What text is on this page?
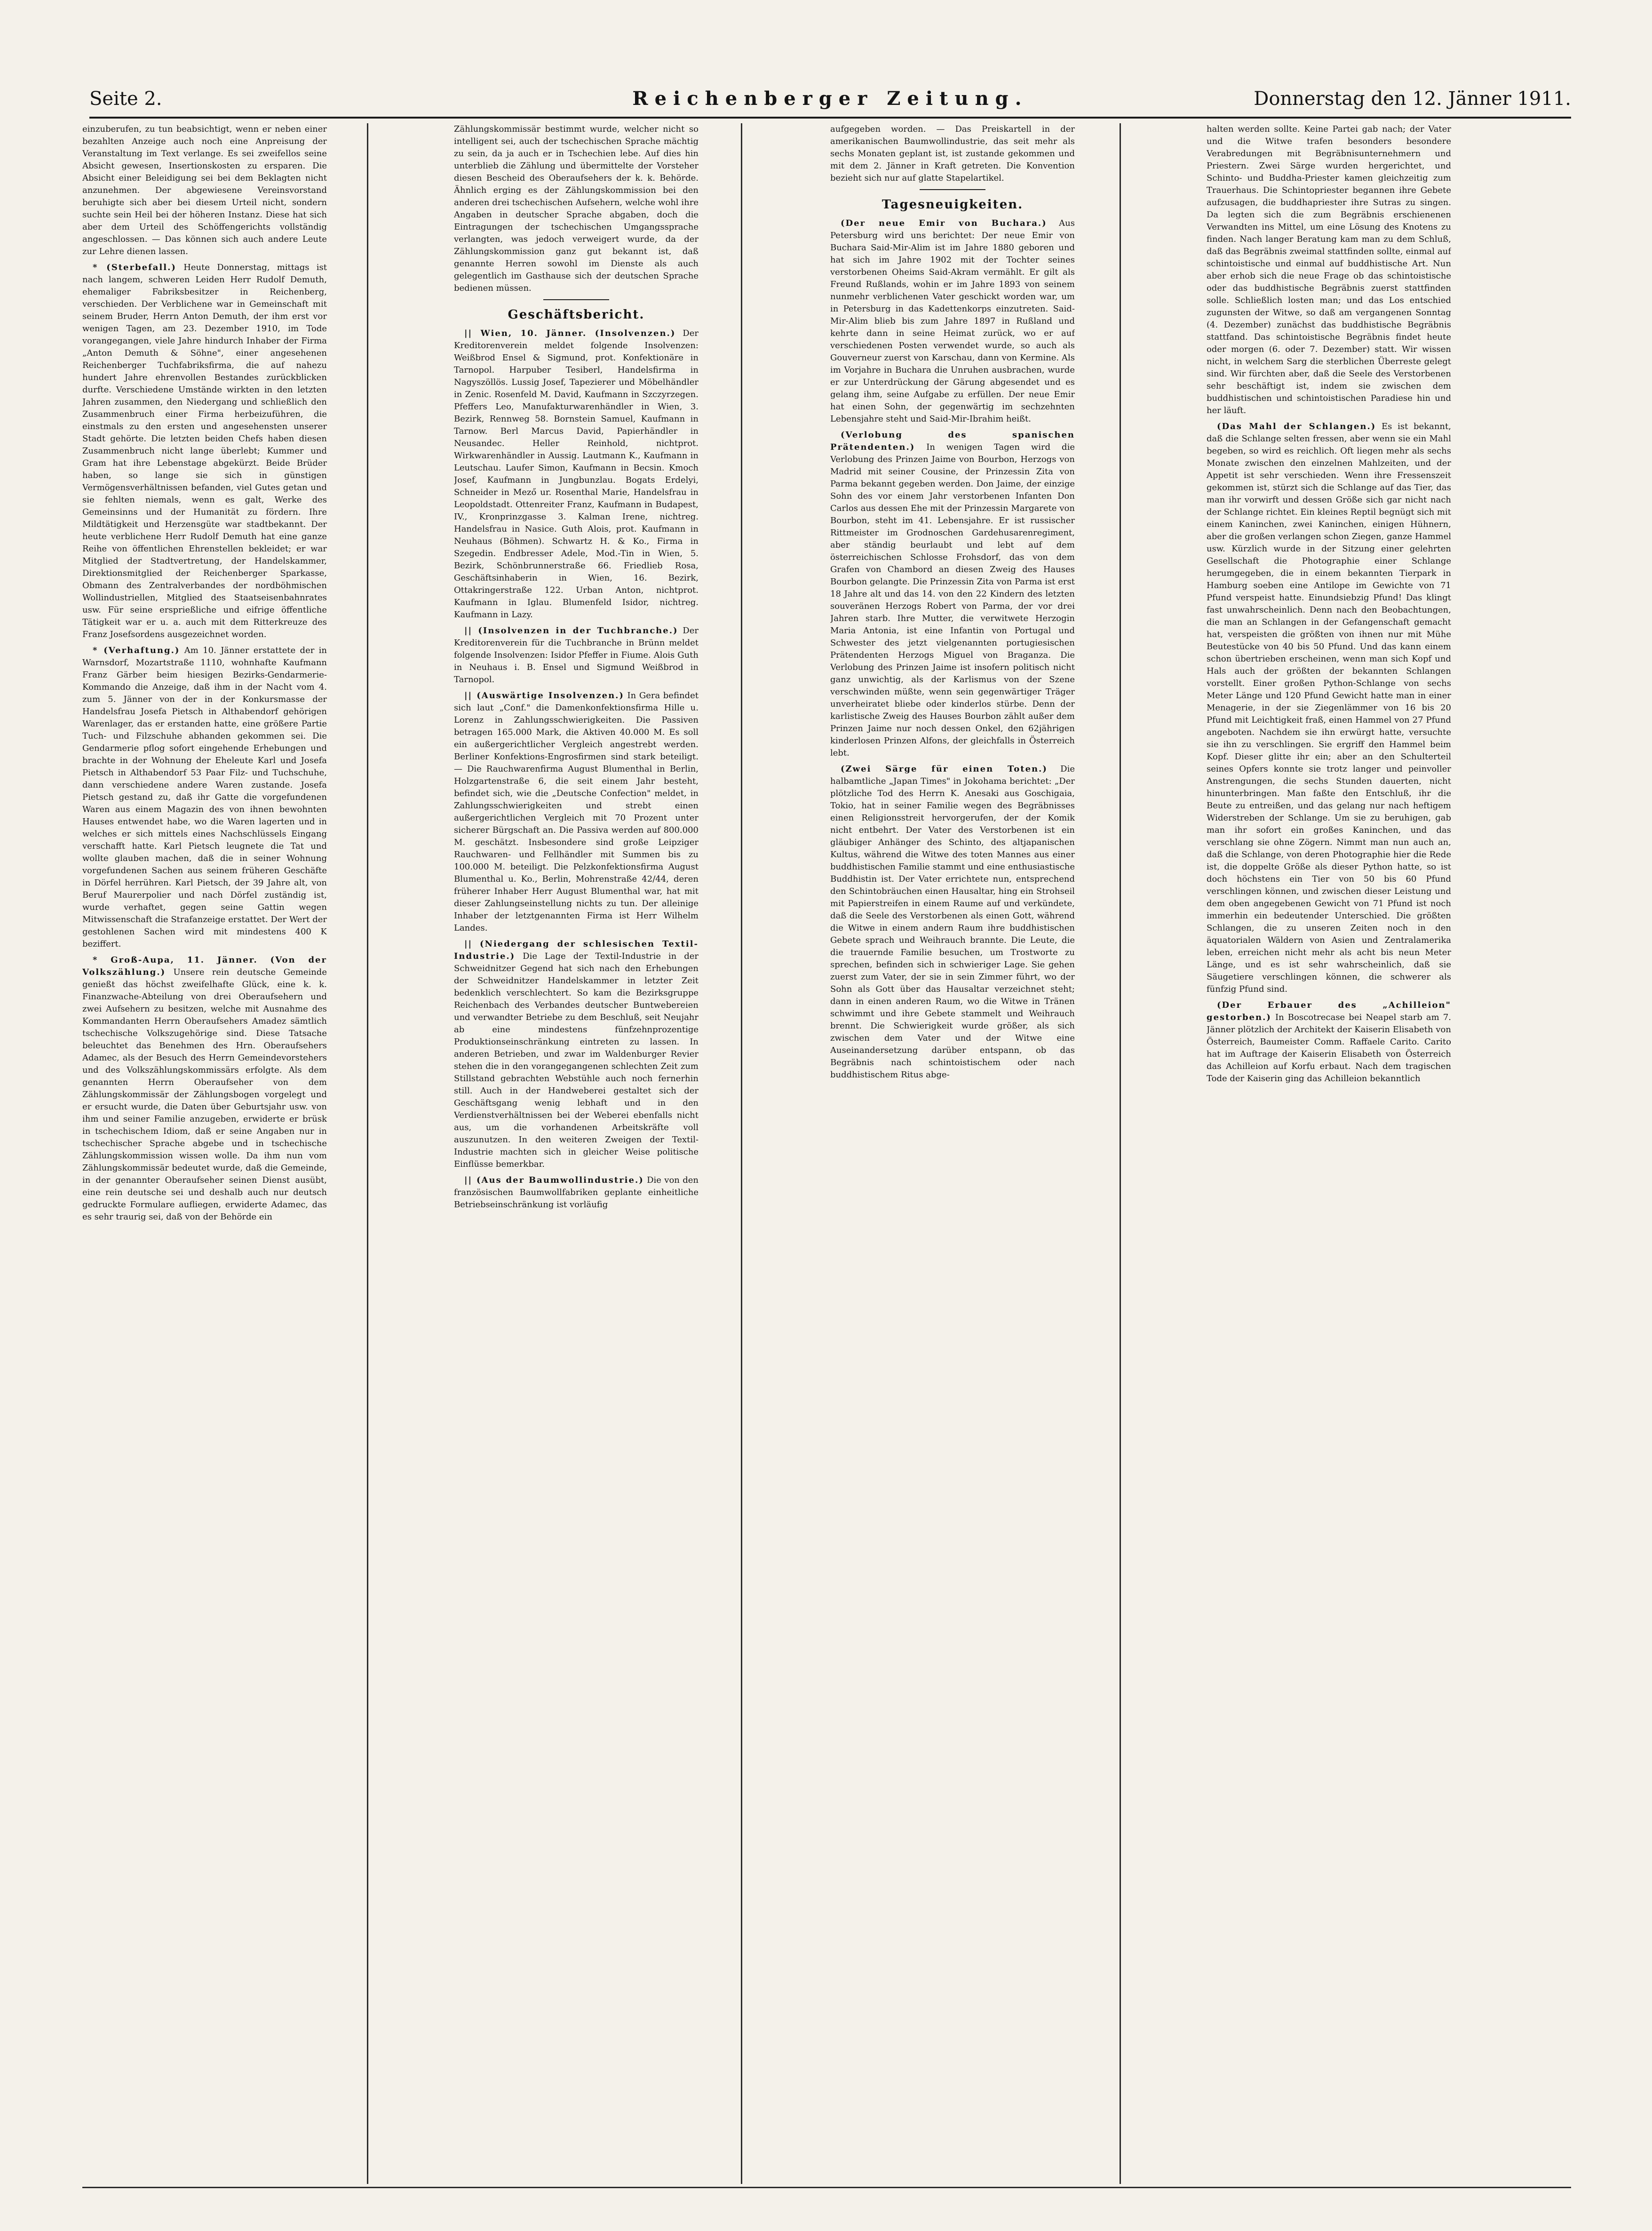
Seite 2.	Reichenberger Zeitung.	Donnerstag den 12. Jänner 1911.

einzuberufen, zu tun beabsichtigt, wenn er neben einer bezahlten Anzeige auch noch eine Anpreisung der Veranstaltung im Text verlange. Es sei zweifellos seine Absicht gewesen, Insertionskosten zu ersparen. Die Absicht einer Beleidigung sei bei dem Beklagten nicht anzunehmen. Der abgewiesene Vereinsvorstand beruhigte sich aber bei diesem Urteil nicht, sondern suchte sein Heil bei der höheren Instanz. Diese hat sich aber dem Urteil des Schöffengerichts vollständig angeschlossen. — Das können sich auch andere Leute zur Lehre dienen lassen.

* (Sterbefall.) Heute Donnerstag, mittags ist nach langem, schweren Leiden Herr Rudolf Demuth, ehemaliger Fabriksbesitzer in Reichenberg, verschieden. Der Verblichene war in Gemeinschaft mit seinem Bruder, Herrn Anton Demuth, der ihm erst vor wenigen Tagen, am 23. Dezember 1910, im Tode vorangegangen, viele Jahre hindurch Inhaber der Firma „Anton Demuth & Söhne", einer angesehenen Reichenberger Tuchfabriksfirma, die auf nahezu hundert Jahre ehrenvollen Bestandes zurückblicken durfte. Verschiedene Umstände wirkten in den letzten Jahren zusammen, den Niedergang und schließlich den Zusammenbruch einer Firma herbeizuführen, die einstmals zu den ersten und angesehensten unserer Stadt gehörte. Die letzten beiden Chefs haben diesen Zusammenbruch nicht lange überlebt; Kummer und Gram hat ihre Lebenstage abgekürzt. Beide Brüder haben, so lange sie sich in günstigen Vermögensverhältnissen befanden, viel Gutes getan und sie fehlten niemals, wenn es galt, Werke des Gemeinsinns und der Humanität zu fördern. Ihre Mildtätigkeit und Herzensgüte war stadtbekannt. Der heute verblichene Herr Rudolf Demuth hat eine ganze Reihe von öffentlichen Ehrenstellen bekleidet; er war Mitglied der Stadtvertretung, der Handelskammer, Direktionsmitglied der Reichenberger Sparkasse, Obmann des Zentralverbandes der nordböhmischen Wollindustriellen, Mitglied des Staatseisenbahnrates usw. Für seine ersprießliche und eifrige öffentliche Tätigkeit war er u. a. auch mit dem Ritterkreuze des Franz Josefsordens ausgezeichnet worden.

* (Verhaftung.) Am 10. Jänner erstattete der in Warnsdorf, Mozartstraße 1110, wohnhafte Kaufmann Franz Gärber beim hiesigen Bezirks-Gendarmerie-Kommando die Anzeige, daß ihm in der Nacht vom 4. zum 5. Jänner von der in der Konkursmasse der Handelsfrau Josefa Pietsch in Althabendorf gehörigen Warenlager, das er erstanden hatte, eine größere Partie Tuch- und Filzschuhe abhanden gekommen sei. Die Gendarmerie pflog sofort eingehende Erhebungen und brachte in der Wohnung der Eheleute Karl und Josefa Pietsch in Althabendorf 53 Paar Filz- und Tuchschuhe, dann verschiedene andere Waren zustande. Josefa Pietsch gestand zu, daß ihr Gatte die vorgefundenen Waren aus einem Magazin des von ihnen bewohnten Hauses entwendet habe, wo die Waren lagerten und in welches er sich mittels eines Nachschlüssels Eingang verschafft hatte. Karl Pietsch leugnete die Tat und wollte glauben machen, daß die in seiner Wohnung vorgefundenen Sachen aus seinem früheren Geschäfte in Dörfel herrühren. Karl Pietsch, der 39 Jahre alt, von Beruf Maurerpolier und nach Dörfel zuständig ist, wurde verhaftet, gegen seine Gattin wegen Mitwissenschaft die Strafanzeige erstattet. Der Wert der gestohlenen Sachen wird mit mindestens 400 K beziffert.

* Groß-Aupa, 11. Jänner. (Von der Volkszählung.) Unsere rein deutsche Gemeinde genießt das höchst zweifelhafte Glück, eine k. k. Finanzwache-Abteilung von drei Oberaufsehern und zwei Aufsehern zu besitzen, welche mit Ausnahme des Kommandanten Herrn Oberaufsehers Amadez sämtlich tschechische Volkszugehörige sind. Diese Tatsache beleuchtet das Benehmen des Hrn. Oberaufsehers Adamec, als der Besuch des Herrn Gemeindevorstehers und des Volkszählungskommissärs erfolgte. Als dem genannten Herrn Oberaufseher von dem Zählungskommissär der Zählungsbogen vorgelegt und er ersucht wurde, die Daten über Geburtsjahr usw. von ihm und seiner Familie anzugeben, erwiderte er brüsk in tschechischem Idiom, daß er seine Angaben nur in tschechischer Sprache abgebe und in tschechische Zählungskommission wissen wolle. Da ihm nun vom Zählungskommissär bedeutet wurde, daß die Gemeinde, in der genannter Oberaufseher seinen Dienst ausübt, eine rein deutsche sei und deshalb auch nur deutsch gedruckte Formulare aufliegen, erwiderte Adamec, das es sehr traurig sei, daß von der Behörde ein

Zählungskommissär bestimmt wurde, welcher nicht so intelligent sei, auch der tschechischen Sprache mächtig zu sein, da ja auch er in Tschechien lebe. Auf dies hin unterblieb die Zählung und übermittelte der Vorsteher diesen Bescheid des Oberaufsehers der k. k. Behörde. Ähnlich erging es der Zählungskommission bei den anderen drei tschechischen Aufsehern, welche wohl ihre Angaben in deutscher Sprache abgaben, doch die Eintragungen der tschechischen Umgangssprache verlangten, was jedoch verweigert wurde, da der Zählungskommission ganz gut bekannt ist, daß genannte Herren sowohl im Dienste als auch gelegentlich im Gasthause sich der deutschen Sprache bedienen müssen.

Geschäftsbericht.

|| Wien, 10. Jänner. (Insolvenzen.) Der Kreditorenverein meldet folgende Insolvenzen: Weißbrod Ensel & Sigmund, prot. Konfektionäre in Tarnopol. Harpuber Tesiberl, Handelsfirma in Nagyszöllös. Lussig Josef, Tapezierer und Möbelhändler in Zenic. Rosenfeld M. David, Kaufmann in Szczyrzegen. Pfeffers Leo, Manufakturwarenhändler in Wien, 3. Bezirk, Rennweg 58. Bornstein Samuel, Kaufmann in Tarnow. Berl Marcus David, Papierhändler in Neusandec. Heller Reinhold, nichtprot. Wirkwarenhändler in Aussig. Lautmann K., Kaufmann in Leutschau. Laufer Simon, Kaufmann in Becsin. Kmoch Josef, Kaufmann in Jungbunzlau. Bogats Erdelyi, Schneider in Mező ur. Rosenthal Marie, Handelsfrau in Leopoldstadt. Ottenreiter Franz, Kaufmann in Budapest, IV., Kronprinzgasse 3. Kalman Irene, nichtreg. Handelsfrau in Nasice. Guth Alois, prot. Kaufmann in Neuhaus (Böhmen). Schwartz H. & Ko., Firma in Szegedin. Endbresser Adele, Mod.-Tin in Wien, 5. Bezirk, Schönbrunnerstraße 66. Friedlieb Rosa, Geschäftsinhaberin in Wien, 16. Bezirk, Ottakringerstraße 122. Urban Anton, nichtprot. Kaufmann in Iglau. Blumenfeld Isidor, nichtreg. Kaufmann in Lazy.

|| (Insolvenzen in der Tuchbranche.) Der Kreditorenverein für die Tuchbranche in Brünn meldet folgende Insolvenzen: Isidor Pfeffer in Fiume. Alois Guth in Neuhaus i. B. Ensel und Sigmund Weißbrod in Tarnopol.

|| (Auswärtige Insolvenzen.) In Gera befindet sich laut „Conf." die Damenkonfektionsfirma Hille u. Lorenz in Zahlungsschwierigkeiten. Die Passiven betragen 165.000 Mark, die Aktiven 40.000 M. Es soll ein außergerichtlicher Vergleich angestrebt werden. Berliner Konfektions-Engrosfirmen sind stark beteiligt. — Die Rauchwarenfirma August Blumenthal in Berlin, Holzgartenstraße 6, die seit einem Jahr besteht, befindet sich, wie die „Deutsche Confection" meldet, in Zahlungsschwierigkeiten und strebt einen außergerichtlichen Vergleich mit 70 Prozent unter sicherer Bürgschaft an. Die Passiva werden auf 800.000 M. geschätzt. Insbesondere sind große Leipziger Rauchwaren- und Fellhändler mit Summen bis zu 100.000 M. beteiligt. Die Pelzkonfektionsfirma August Blumenthal u. Ko., Berlin, Mohrenstraße 42/44, deren früherer Inhaber Herr August Blumenthal war, hat mit dieser Zahlungseinstellung nichts zu tun. Der alleinige Inhaber der letztgenannten Firma ist Herr Wilhelm Landes.

|| (Niedergang der schlesischen Textil-Industrie.) Die Lage der Textil-Industrie in der Schweidnitzer Gegend hat sich nach den Erhebungen der Schweidnitzer Handelskammer in letzter Zeit bedenklich verschlechtert. So kam die Bezirksgruppe Reichenbach des Verbandes deutscher Buntwebereien und verwandter Betriebe zu dem Beschluß, seit Neujahr ab eine mindestens fünfzehnprozentige Produktionseinschränkung eintreten zu lassen. In anderen Betrieben, und zwar im Waldenburger Revier stehen die in den vorangegangenen schlechten Zeit zum Stillstand gebrachten Webstühle auch noch fernerhin still. Auch in der Handweberei gestaltet sich der Geschäftsgang wenig lebhaft und in den Verdienstverhältnissen bei der Weberei ebenfalls nicht aus, um die vorhandenen Arbeitskräfte voll auszunutzen. In den weiteren Zweigen der Textil-Industrie machten sich in gleicher Weise politische Einflüsse bemerkbar.

|| (Aus der Baumwollindustrie.) Die von den französischen Baumwollfabriken geplante einheitliche Betriebseinschränkung ist vorläufig

aufgegeben worden. — Das Preiskartell in der amerikanischen Baumwollindustrie, das seit mehr als sechs Monaten geplant ist, ist zustande gekommen und mit dem 2. Jänner in Kraft getreten. Die Konvention bezieht sich nur auf glatte Stapelartikel.

Tagesneuigkeiten.

(Der neue Emir von Buchara.) Aus Petersburg wird uns berichtet: Der neue Emir von Buchara Said-Mir-Alim ist im Jahre 1880 geboren und hat sich im Jahre 1902 mit der Tochter seines verstorbenen Oheims Said-Akram vermählt. Er gilt als Freund Rußlands, wohin er im Jahre 1893 von seinem nunmehr verblichenen Vater geschickt worden war, um in Petersburg in das Kadettenkorps einzutreten. Said-Mir-Alim blieb bis zum Jahre 1897 in Rußland und kehrte dann in seine Heimat zurück, wo er auf verschiedenen Posten verwendet wurde, so auch als Gouverneur zuerst von Karschau, dann von Kermine. Als im Vorjahre in Buchara die Unruhen ausbrachen, wurde er zur Unterdrückung der Gärung abgesendet und es gelang ihm, seine Aufgabe zu erfüllen. Der neue Emir hat einen Sohn, der gegenwärtig im sechzehnten Lebensjahre steht und Said-Mir-Ibrahim heißt.

(Verlobung des spanischen Prätendenten.) In wenigen Tagen wird die Verlobung des Prinzen Jaime von Bourbon, Herzogs von Madrid mit seiner Cousine, der Prinzessin Zita von Parma bekannt gegeben werden. Don Jaime, der einzige Sohn des vor einem Jahr verstorbenen Infanten Don Carlos aus dessen Ehe mit der Prinzessin Margarete von Bourbon, steht im 41. Lebensjahre. Er ist russischer Rittmeister im Grodnoschen Gardehusarenregiment, aber ständig beurlaubt und lebt auf dem österreichischen Schlosse Frohsdorf, das von dem Grafen von Chambord an diesen Zweig des Hauses Bourbon gelangte. Die Prinzessin Zita von Parma ist erst 18 Jahre alt und das 14. von den 22 Kindern des letzten souveränen Herzogs Robert von Parma, der vor drei Jahren starb. Ihre Mutter, die verwitwete Herzogin Maria Antonia, ist eine Infantin von Portugal und Schwester des jetzt vielgenannten portugiesischen Prätendenten Herzogs Miguel von Braganza. Die Verlobung des Prinzen Jaime ist insofern politisch nicht ganz unwichtig, als der Karlismus von der Szene verschwinden müßte, wenn sein gegenwärtiger Träger unverheiratet bliebe oder kinderlos stürbe. Denn der karlistische Zweig des Hauses Bourbon zählt außer dem Prinzen Jaime nur noch dessen Onkel, den 62jährigen kinderlosen Prinzen Alfons, der gleichfalls in Österreich lebt.

(Zwei Särge für einen Toten.) Die halbamtliche „Japan Times" in Jokohama berichtet: „Der plötzliche Tod des Herrn K. Anesaki aus Goschigaia, Tokio, hat in seiner Familie wegen des Begräbnisses einen Religionsstreit hervorgerufen, der der Komik nicht entbehrt. Der Vater des Verstorbenen ist ein gläubiger Anhänger des Schinto, des altjapanischen Kultus, während die Witwe des toten Mannes aus einer buddhistischen Familie stammt und eine enthusiastische Buddhistin ist. Der Vater errichtete nun, entsprechend den Schintobräuchen einen Hausaltar, hing ein Strohseil mit Papierstreifen in einem Raume auf und verkündete, daß die Seele des Verstorbenen als einen Gott, während die Witwe in einem andern Raum ihre buddhistischen Gebete sprach und Weihrauch brannte. Die Leute, die die trauernde Familie besuchen, um Trostworte zu sprechen, befinden sich in schwieriger Lage. Sie gehen zuerst zum Vater, der sie in sein Zimmer führt, wo der Sohn als Gott über das Hausaltar verzeichnet steht; dann in einen anderen Raum, wo die Witwe in Tränen schwimmt und ihre Gebete stammelt und Weihrauch brennt. Die Schwierigkeit wurde größer, als sich zwischen dem Vater und der Witwe eine Auseinandersetzung darüber entspann, ob das Begräbnis nach schintoistischem oder nach buddhistischem Ritus abge-

halten werden sollte. Keine Partei gab nach; der Vater und die Witwe trafen besonders besondere Verabredungen mit Begräbnisunternehmern und Priestern. Zwei Särge wurden hergerichtet, und Schinto- und Buddha-Priester kamen gleichzeitig zum Trauerhaus. Die Schintopriester begannen ihre Gebete aufzusagen, die buddhapriester ihre Sutras zu singen. Da legten sich die zum Begräbnis erschienenen Verwandten ins Mittel, um eine Lösung des Knotens zu finden. Nach langer Beratung kam man zu dem Schluß, daß das Begräbnis zweimal stattfinden sollte, einmal auf schintoistische und einmal auf buddhistische Art. Nun aber erhob sich die neue Frage ob das schintoistische oder das buddhistische Begräbnis zuerst stattfinden solle. Schließlich losten man; und das Los entschied zugunsten der Witwe, so daß am vergangenen Sonntag (4. Dezember) zunächst das buddhistische Begräbnis stattfand. Das schintoistische Begräbnis findet heute oder morgen (6. oder 7. Dezember) statt. Wir wissen nicht, in welchem Sarg die sterblichen Überreste gelegt sind. Wir fürchten aber, daß die Seele des Verstorbenen sehr beschäftigt ist, indem sie zwischen dem buddhistischen und schintoistischen Paradiese hin und her läuft.

(Das Mahl der Schlangen.) Es ist bekannt, daß die Schlange selten fressen, aber wenn sie ein Mahl begeben, so wird es reichlich. Oft liegen mehr als sechs Monate zwischen den einzelnen Mahlzeiten, und der Appetit ist sehr verschieden. Wenn ihre Fressenszeit gekommen ist, stürzt sich die Schlange auf das Tier, das man ihr vorwirft und dessen Größe sich gar nicht nach der Schlange richtet. Ein kleines Reptil begnügt sich mit einem Kaninchen, zwei Kaninchen, einigen Hühnern, aber die großen verlangen schon Ziegen, ganze Hammel usw. Kürzlich wurde in der Sitzung einer gelehrten Gesellschaft die Photographie einer Schlange herumgegeben, die in einem bekannten Tierpark in Hamburg soeben eine Antilope im Gewichte von 71 Pfund verspeist hatte. Einundsiebzig Pfund! Das klingt fast unwahrscheinlich. Denn nach den Beobachtungen, die man an Schlangen in der Gefangenschaft gemacht hat, verspeisten die größten von ihnen nur mit Mühe Beutestücke von 40 bis 50 Pfund. Und das kann einem schon übertrieben erscheinen, wenn man sich Kopf und Hals auch der größten der bekannten Schlangen vorstellt. Einer großen Python-Schlange von sechs Meter Länge und 120 Pfund Gewicht hatte man in einer Menagerie, in der sie Ziegenlämmer von 16 bis 20 Pfund mit Leichtigkeit fraß, einen Hammel von 27 Pfund angeboten. Nachdem sie ihn erwürgt hatte, versuchte sie ihn zu verschlingen. Sie ergriff den Hammel beim Kopf. Dieser glitte ihr ein; aber an den Schulterteil seines Opfers konnte sie trotz langer und peinvoller Anstrengungen, die sechs Stunden dauerten, nicht hinunterbringen. Man faßte den Entschluß, ihr die Beute zu entreißen, und das gelang nur nach heftigem Widerstreben der Schlange. Um sie zu beruhigen, gab man ihr sofort ein großes Kaninchen, und das verschlang sie ohne Zögern. Nimmt man nun auch an, daß die Schlange, von deren Photographie hier die Rede ist, die doppelte Größe als dieser Python hatte, so ist doch höchstens ein Tier von 50 bis 60 Pfund verschlingen können, und zwischen dieser Leistung und dem oben angegebenen Gewicht von 71 Pfund ist noch immerhin ein bedeutender Unterschied. Die größten Schlangen, die zu unseren Zeiten noch in den äquatorialen Wäldern von Asien und Zentralamerika leben, erreichen nicht mehr als acht bis neun Meter Länge, und es ist sehr wahrscheinlich, daß sie Säugetiere verschlingen können, die schwerer als fünfzig Pfund sind.

(Der Erbauer des „Achilleion" gestorben.) In Boscotrecase bei Neapel starb am 7. Jänner plötzlich der Architekt der Kaiserin Elisabeth von Österreich, Baumeister Comm. Raffaele Carito. Carito hat im Auftrage der Kaiserin Elisabeth von Österreich das Achilleion auf Korfu erbaut. Nach dem tragischen Tode der Kaiserin ging das Achilleion bekanntlich
